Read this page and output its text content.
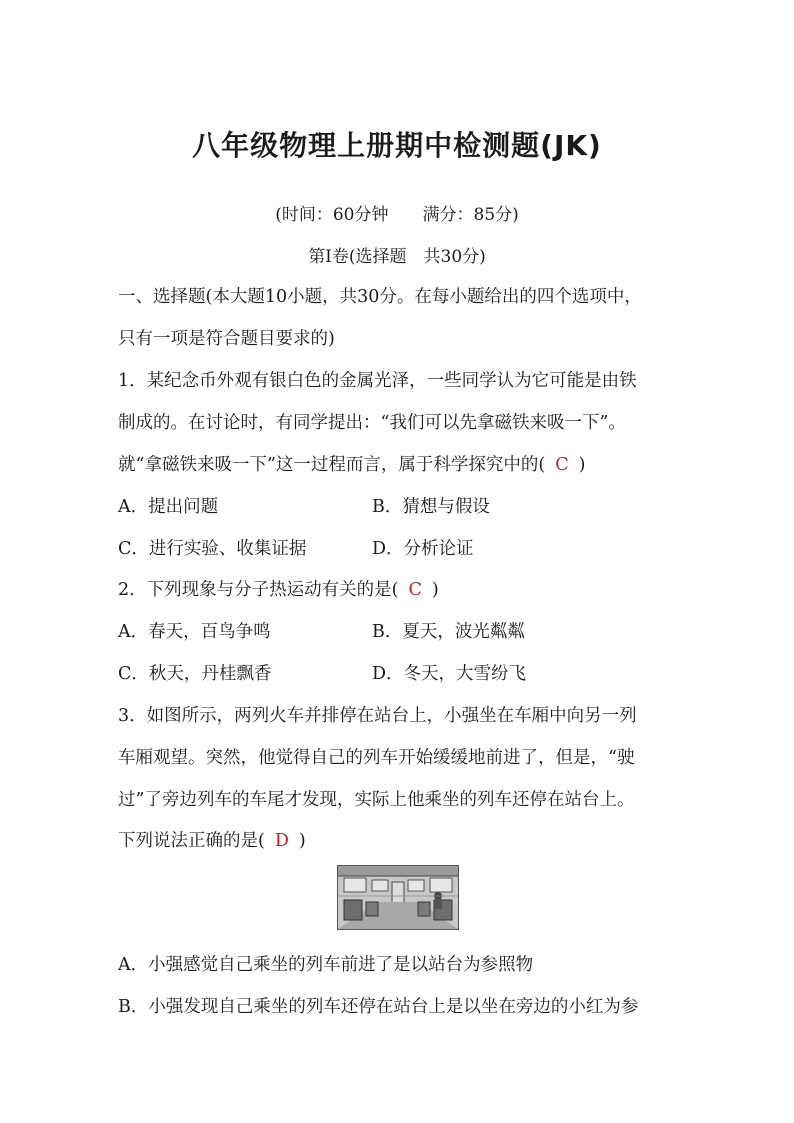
八年级物理上册期中检测题(JK)
(时间：60分钟 满分：85分)
第Ⅰ卷(选择题　共30分)
一、选择题(本大题10小题，共30分。在每小题给出的四个选项中，
只有一项是符合题目要求的)
1．某纪念币外观有银白色的金属光泽，一些同学认为它可能是由铁
制成的。在讨论时，有同学提出：“我们可以先拿磁铁来吸一下”。
就“拿磁铁来吸一下”这一过程而言，属于科学探究中的( C )
A．提出问题	B．猜想与假设
C．进行实验、收集证据	D．分析论证
2．下列现象与分子热运动有关的是( C )
A．春天，百鸟争鸣	B．夏天，波光粼粼
C．秋天，丹桂飘香	D．冬天，大雪纷飞
3．如图所示，两列火车并排停在站台上，小强坐在车厢中向另一列
车厢观望。突然，他觉得自己的列车开始缓缓地前进了，但是，“驶
过”了旁边列车的车尾才发现，实际上他乘坐的列车还停在站台上。
下列说法正确的是( D )
A．小强感觉自己乘坐的列车前进了是以站台为参照物
B．小强发现自己乘坐的列车还停在站台上是以坐在旁边的小红为参
